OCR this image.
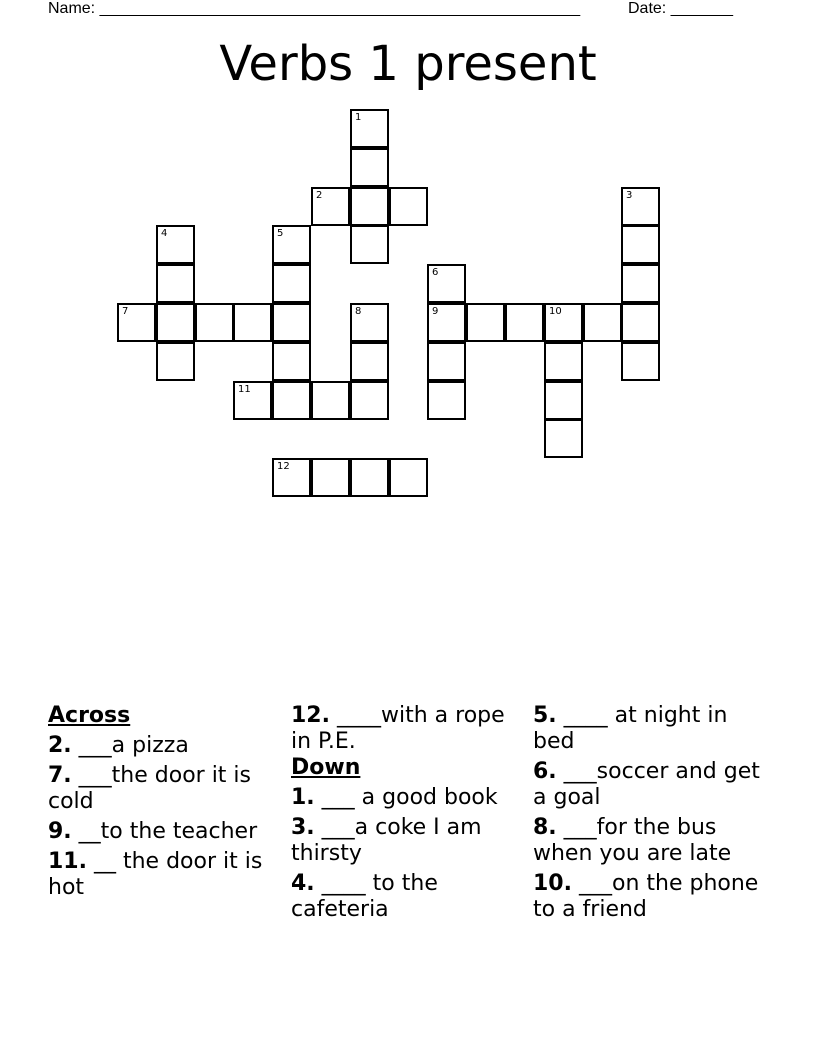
Name: ______________________________________________________	Date: _______
Verbs 1 present
1
2	3
4	5
6
7	8	9	10
11
12
Across
2. ___a pizza
7. ___the door it is cold
9. __to the teacher
11. __ the door it is hot
12. ____with a rope in P.E.
Down
1. ___ a good book
3. ___a coke I am thirsty
4. ____ to the cafeteria
5. ____ at night in bed
6. ___soccer and get a goal
8. ___for the bus when you are late
10. ___on the phone to a friend
